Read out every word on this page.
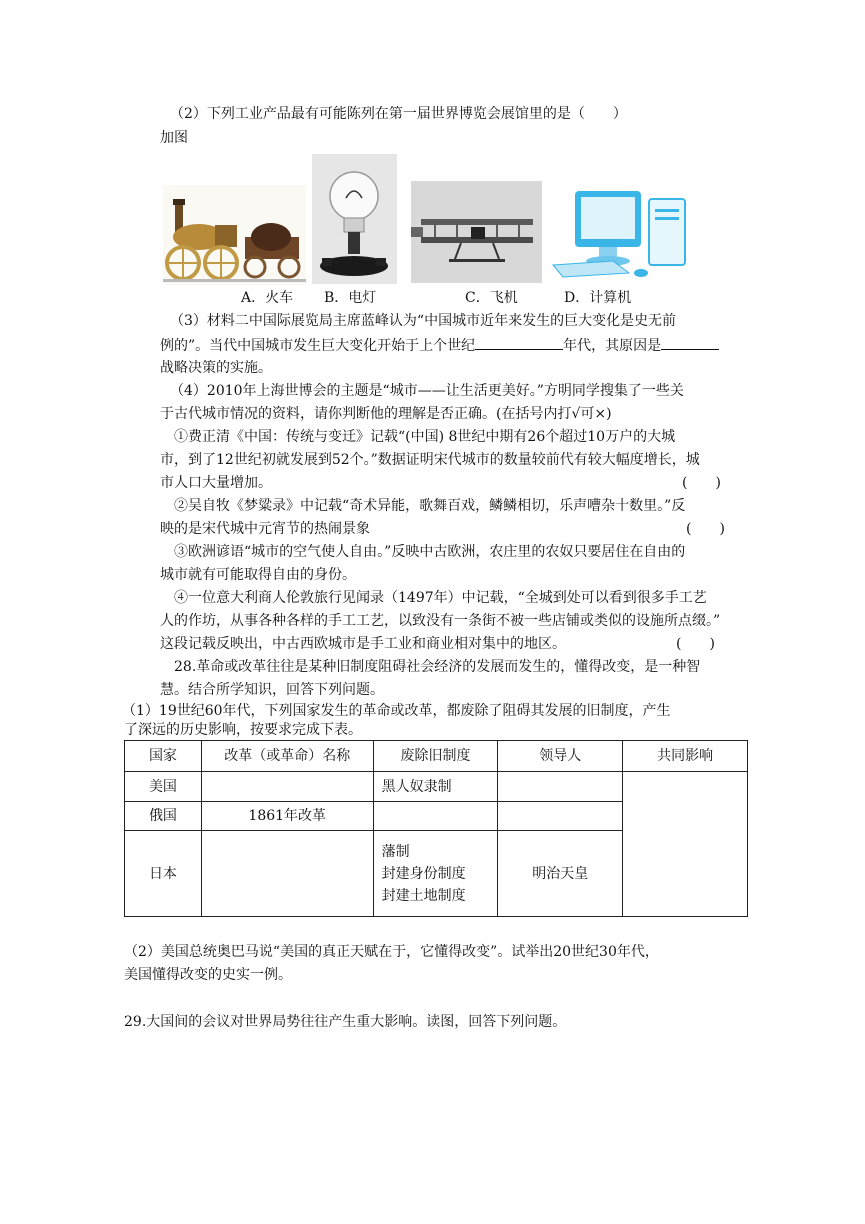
（2）下列工业产品最有可能陈列在第一届世界博览会展馆里的是（　　）
加图
A．火车 B．电灯	C．飞机	D．计算机
（3）材料二中国际展览局主席蓝峰认为“中国城市近年来发生的巨大变化是史无前
例的”。当代中国城市发生巨大变化开始于上个世纪	年代，其原因是
战略决策的实施。
（4）2010年上海世博会的主题是“城市——让生活更美好。”方明同学搜集了一些关
于古代城市情况的资料，请你判断他的理解是否正确。(在括号内打√可×)
①费正清《中国：传统与变迁》记载“(中国) 8世纪中期有26个超过10万户的大城
市，到了12世纪初就发展到52个。”数据证明宋代城市的数量较前代有较大幅度增长，城
市人口大量增加。	(　　)
②吴自牧《梦粱录》中记载“奇术异能，歌舞百戏，鳞鳞相切，乐声嘈杂十数里。”反
映的是宋代城中元宵节的热闹景象	(　　)
③欧洲谚语“城市的空气使人自由。”反映中古欧洲，农庄里的农奴只要居住在自由的
城市就有可能取得自由的身份。
④一位意大利商人伦敦旅行见闻录（1497年）中记载，“全城到处可以看到很多手工艺
人的作坊，从事各种各样的手工工艺，以致没有一条街不被一些店铺或类似的设施所点缀。”
这段记载反映出，中古西欧城市是手工业和商业相对集中的地区。	(　　)
28.革命或改革往往是某种旧制度阻碍社会经济的发展而发生的，懂得改变，是一种智
慧。结合所学知识，回答下列问题。
（1）19世纪60年代，下列国家发生的革命或改革，都废除了阻碍其发展的旧制度，产生
了深远的历史影响，按要求完成下表。
国家	改革（或革命）名称	废除旧制度	领导人	共同影响
美国		黑人奴隶制		
俄国	1861年改革			
日本		藩制
封建身份制度
封建土地制度	明治天皇	
（2）美国总统奥巴马说“美国的真正天赋在于，它懂得改变”。试举出20世纪30年代，
美国懂得改变的史实一例。
29.大国间的会议对世界局势往往产生重大影响。读图，回答下列问题。
